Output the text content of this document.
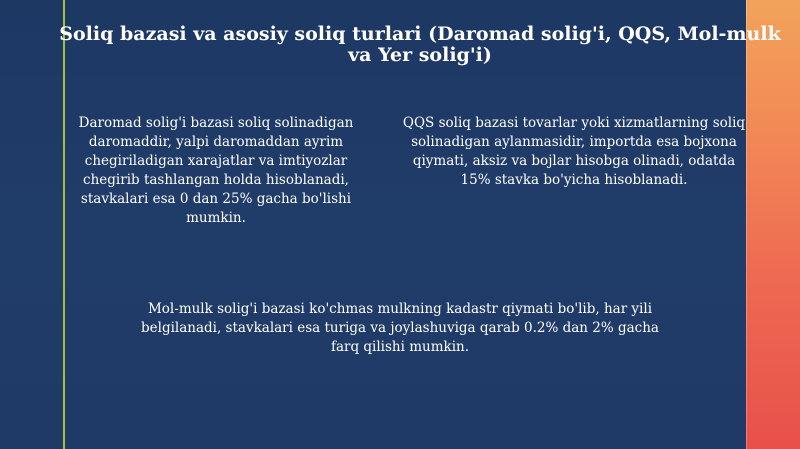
Soliq bazasi va asosiy soliq turlari (Daromad solig'i, QQS, Mol-mulk va Yer solig'i)

Daromad solig'i bazasi soliq solinadigan daromaddir, yalpi daromaddan ayrim chegiriladigan xarajatlar va imtiyozlar chegirib tashlangan holda hisoblanadi, stavkalari esa 0 dan 25% gacha bo'lishi mumkin.

QQS soliq bazasi tovarlar yoki xizmatlarning soliq solinadigan aylanmasidir, importda esa bojxona qiymati, aksiz va bojlar hisobga olinadi, odatda 15% stavka bo'yicha hisoblanadi.

Mol-mulk solig'i bazasi ko'chmas mulkning kadastr qiymati bo'lib, har yili belgilanadi, stavkalari esa turiga va joylashuviga qarab 0.2% dan 2% gacha farq qilishi mumkin.
